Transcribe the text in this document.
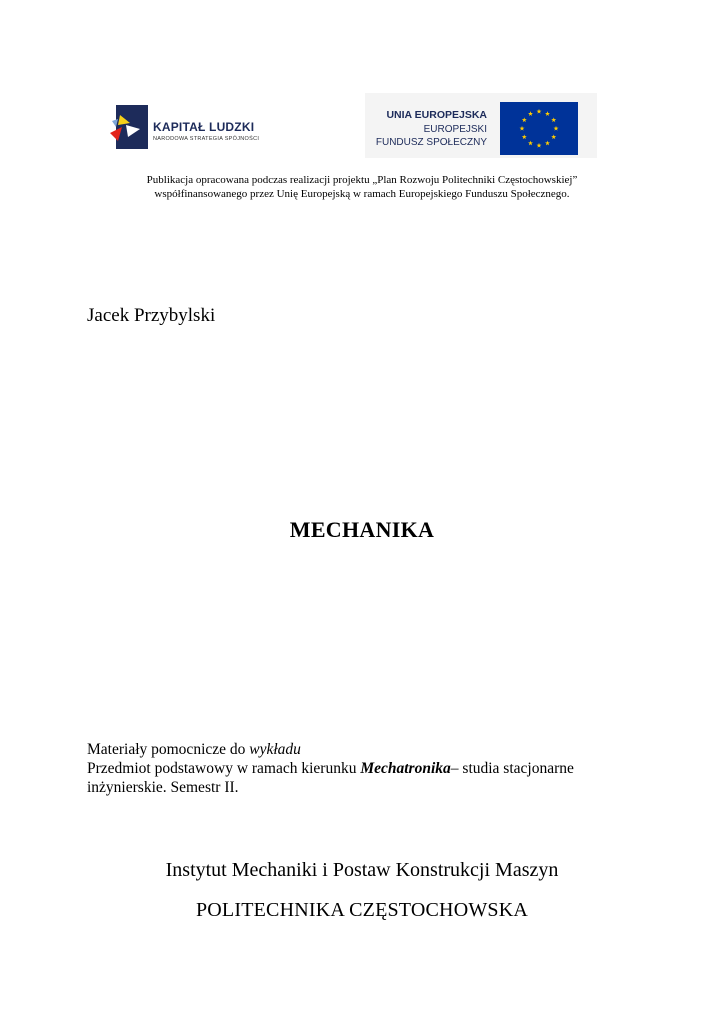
KAPITAŁ LUDZKI
NARODOWA STRATEGIA SPÓJNOŚCI
UNIA EUROPEJSKA
EUROPEJSKI
FUNDUSZ SPOŁECZNY
Publikacja opracowana podczas realizacji projektu „Plan Rozwoju Politechniki Częstochowskiej”
współfinansowanego przez Unię Europejską w ramach Europejskiego Funduszu Społecznego.
Jacek Przybylski
MECHANIKA
Materiały pomocnicze do wykładu
Przedmiot podstawowy w ramach kierunku Mechatronika– studia stacjonarne
inżynierskie. Semestr II.
Instytut Mechaniki i Postaw Konstrukcji Maszyn
POLITECHNIKA CZĘSTOCHOWSKA
